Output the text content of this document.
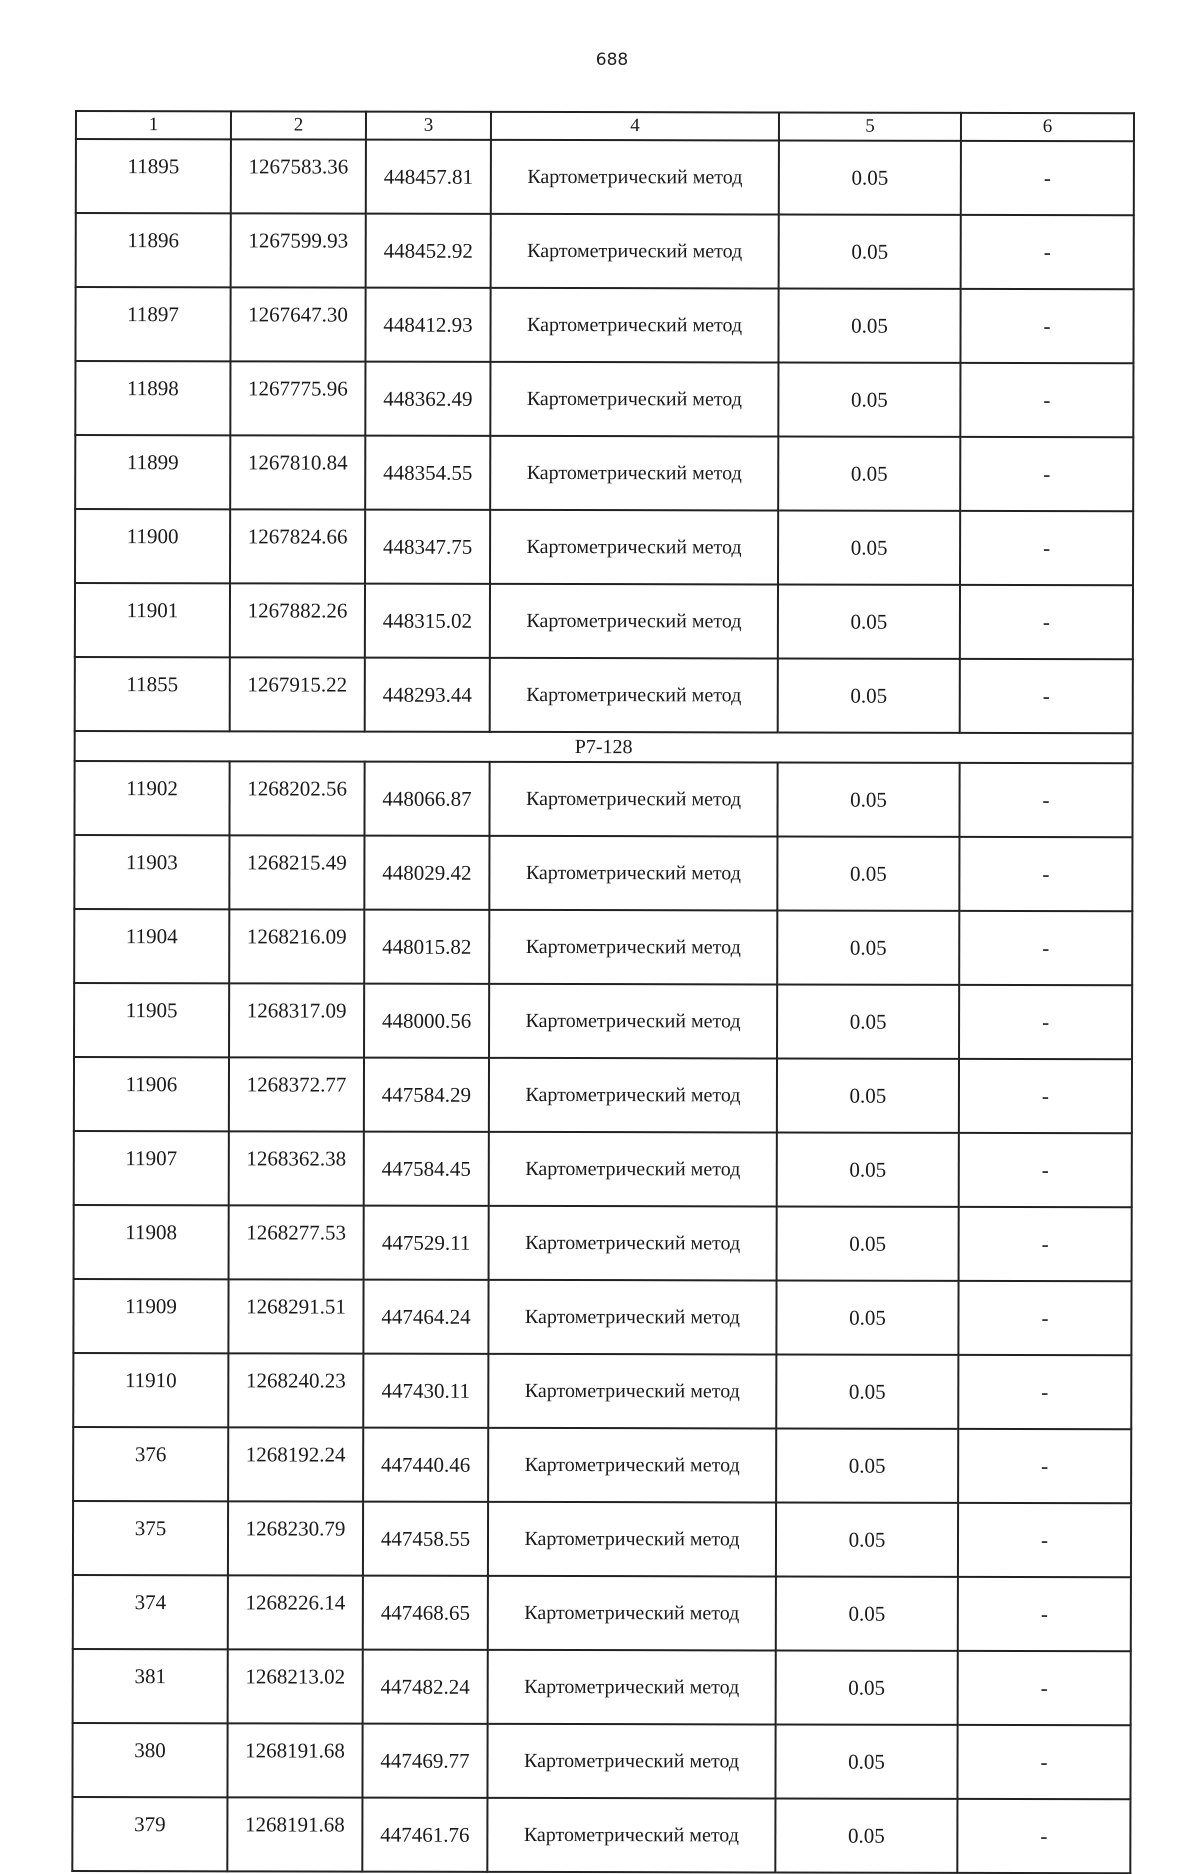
688
1	2	3	4	5	6
11895	1267583.36	448457.81	Картометрический метод	0.05	-
11896	1267599.93	448452.92	Картометрический метод	0.05	-
11897	1267647.30	448412.93	Картометрический метод	0.05	-
11898	1267775.96	448362.49	Картометрический метод	0.05	-
11899	1267810.84	448354.55	Картометрический метод	0.05	-
11900	1267824.66	448347.75	Картометрический метод	0.05	-
11901	1267882.26	448315.02	Картометрический метод	0.05	-
11855	1267915.22	448293.44	Картометрический метод	0.05	-
Р7-128					
11902	1268202.56	448066.87	Картометрический метод	0.05	-
11903	1268215.49	448029.42	Картометрический метод	0.05	-
11904	1268216.09	448015.82	Картометрический метод	0.05	-
11905	1268317.09	448000.56	Картометрический метод	0.05	-
11906	1268372.77	447584.29	Картометрический метод	0.05	-
11907	1268362.38	447584.45	Картометрический метод	0.05	-
11908	1268277.53	447529.11	Картометрический метод	0.05	-
11909	1268291.51	447464.24	Картометрический метод	0.05	-
11910	1268240.23	447430.11	Картометрический метод	0.05	-
376	1268192.24	447440.46	Картометрический метод	0.05	-
375	1268230.79	447458.55	Картометрический метод	0.05	-
374	1268226.14	447468.65	Картометрический метод	0.05	-
381	1268213.02	447482.24	Картометрический метод	0.05	-
380	1268191.68	447469.77	Картометрический метод	0.05	-
379	1268191.68	447461.76	Картометрический метод	0.05	-
